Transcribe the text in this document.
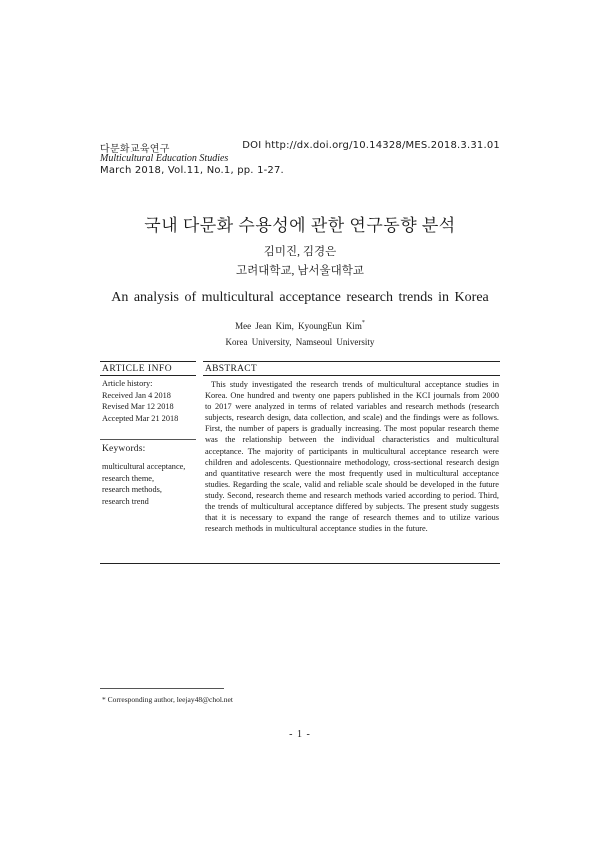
다문화교육연구
Multicultural Education Studies
March 2018, Vol.11, No.1, pp. 1-27.
DOI http://dx.doi.org/10.14328/MES.2018.3.31.01
국내 다문화 수용성에 관한 연구동향 분석
김미진, 김경은
고려대학교, 남서울대학교
An analysis of multicultural acceptance research trends in Korea
Mee Jean Kim, KyoungEun Kim*
Korea University, Namseoul University
ARTICLE INFO	ABSTRACT
Article history:
Received Jan 4 2018
Revised Mar 12 2018
Accepted Mar 21 2018
Keywords:
multicultural acceptance,
research theme,
research methods,
research trend
This study investigated the research trends of multicultural acceptance studies in Korea. One hundred and twenty one papers published in the KCI journals from 2000 to 2017 were analyzed in terms of related variables and research methods (research subjects, research design, data collection, and scale) and the findings were as follows. First, the number of papers is gradually increasing. The most popular research theme was the relationship between the individual characteristics and multicultural acceptance. The majority of participants in multicultural acceptance research were children and adolescents. Questionnaire methodology, cross-sectional research design and quantitative research were the most frequently used in multicultural acceptance studies. Regarding the scale, valid and reliable scale should be developed in the future study. Second, research theme and research methods varied according to period. Third, the trends of multicultural acceptance differed by subjects. The present study suggests that it is necessary to expand the range of research themes and to utilize various research methods in multicultural acceptance studies in the future.
* Corresponding author, leejay48@chol.net
- 1 -
